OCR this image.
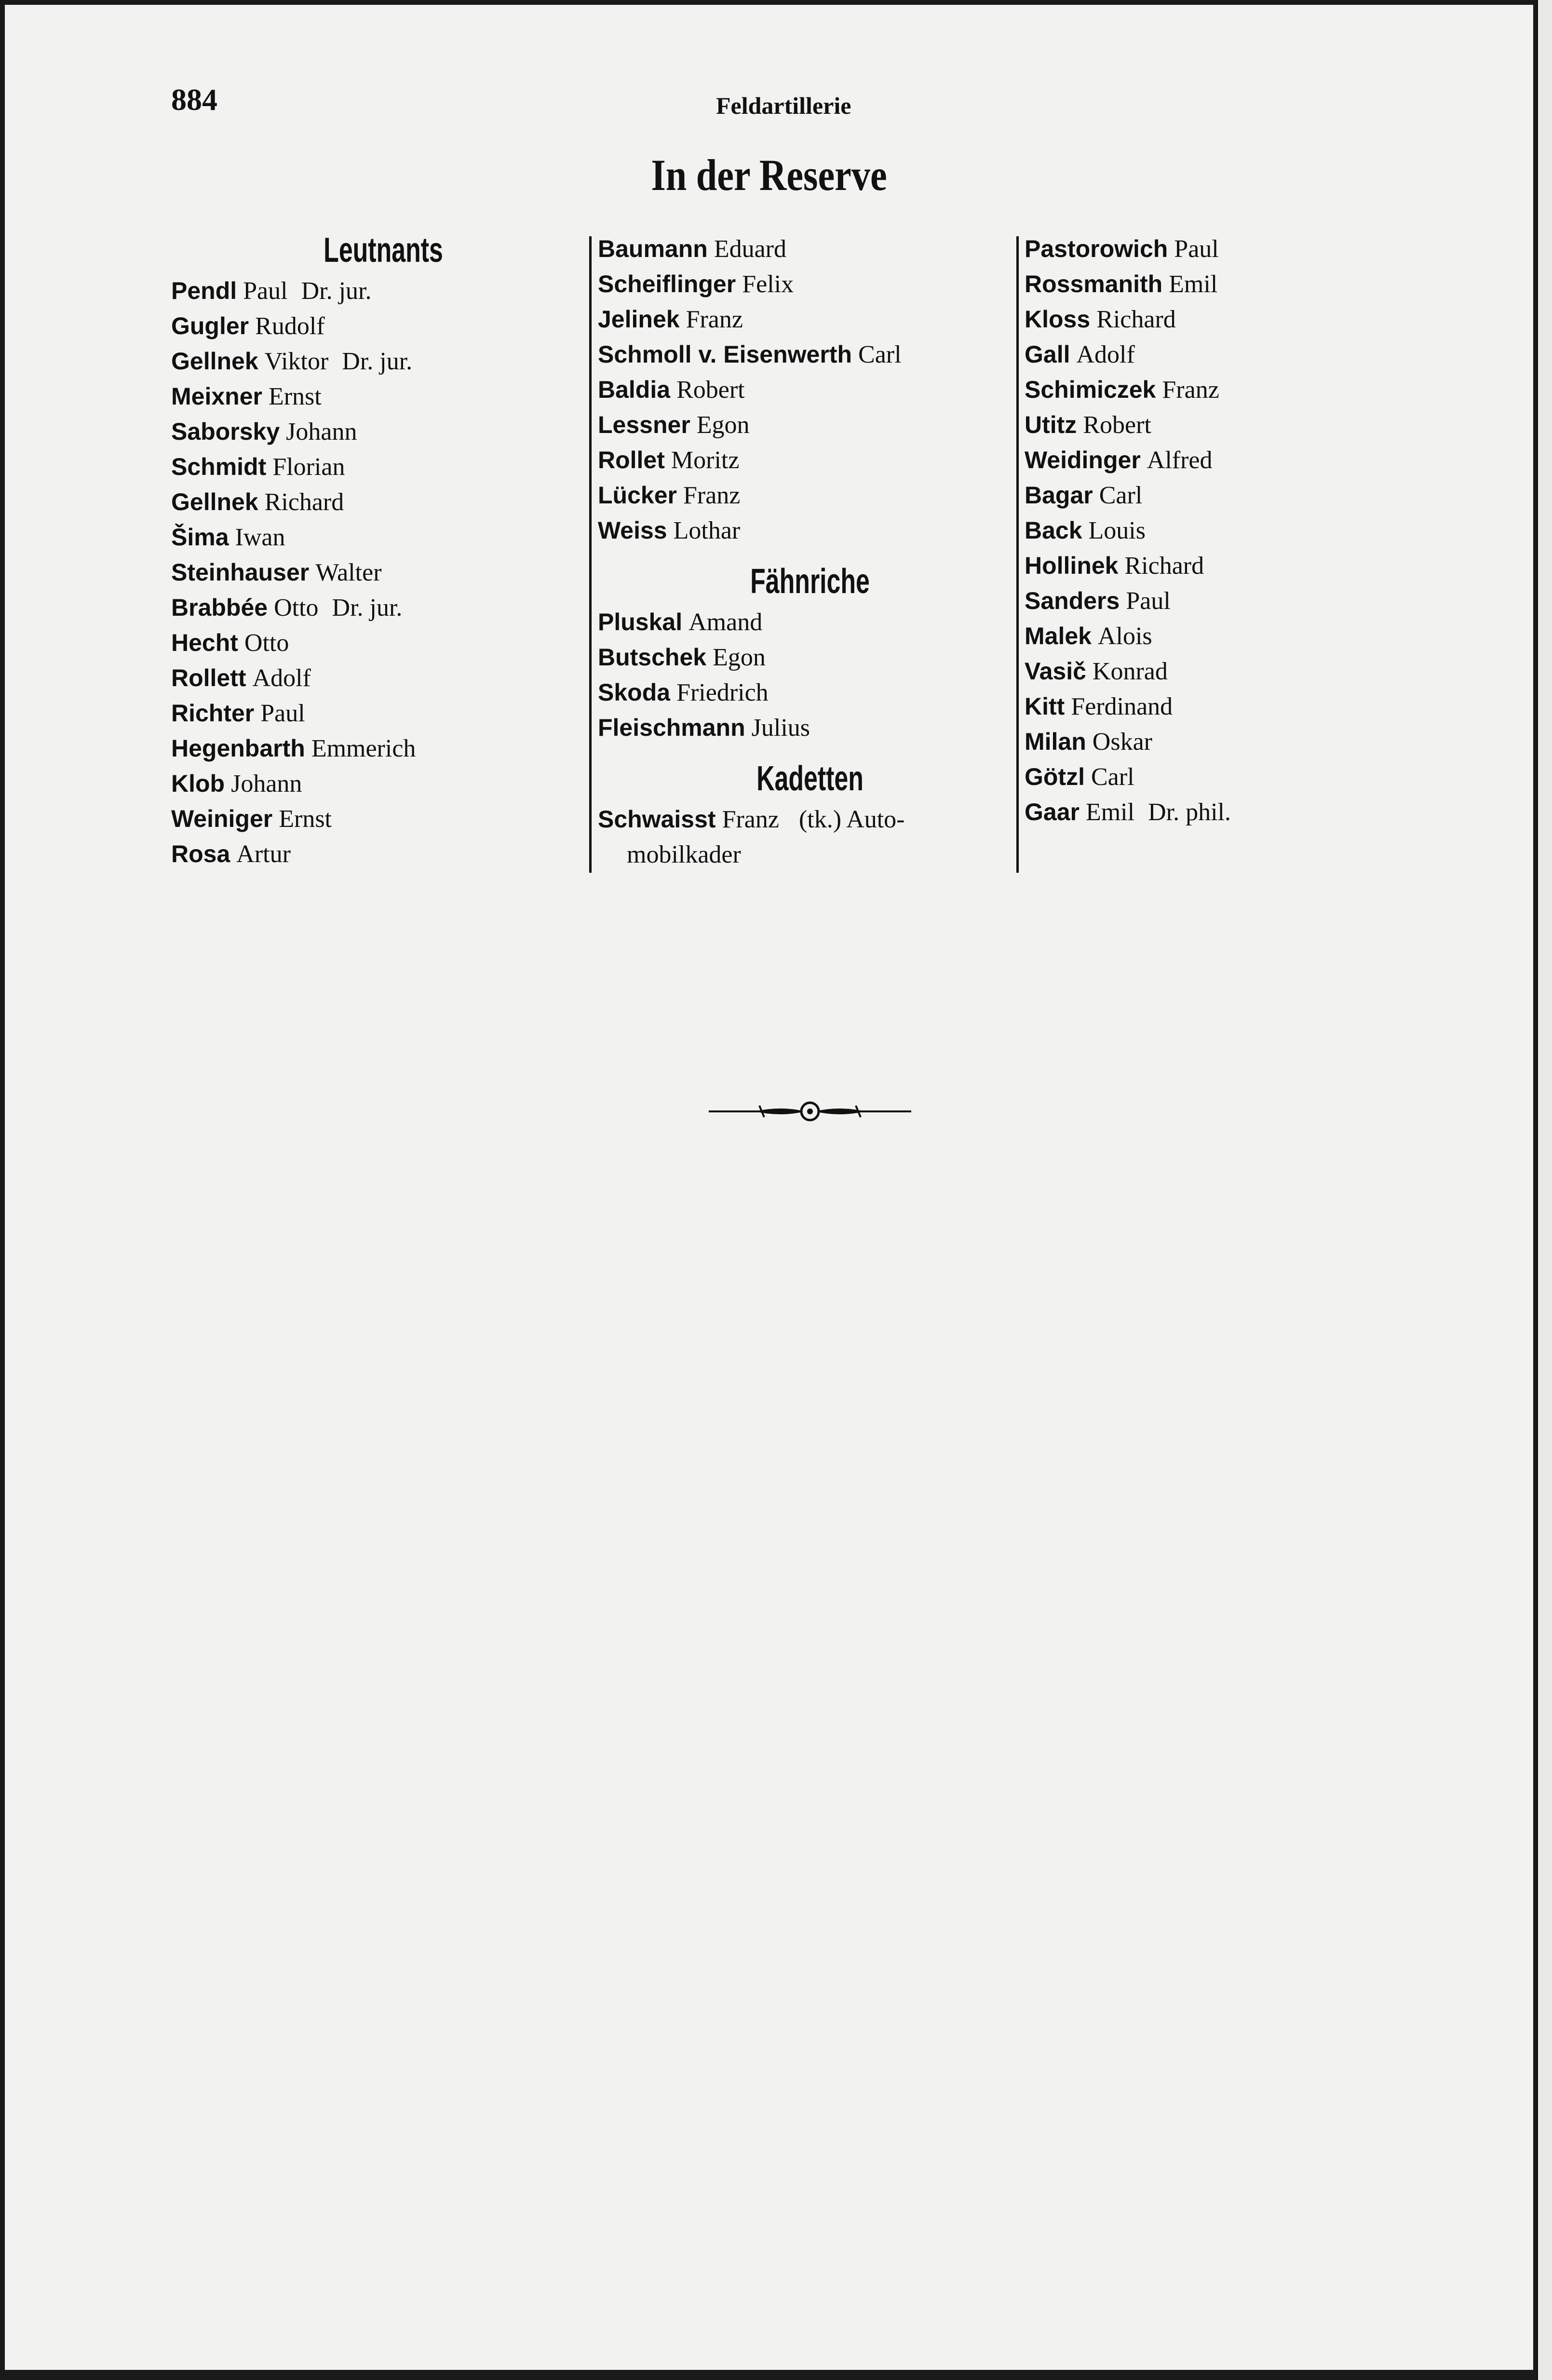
884	Feldartillerie
In der Reserve
Leutnants
Pendl Paul Dr. jur.
Gugler Rudolf
Gellnek Viktor Dr. jur.
Meixner Ernst
Saborsky Johann
Schmidt Florian
Gellnek Richard
Šima Iwan
Steinhauser Walter
Brabbée Otto Dr. jur.
Hecht Otto
Rollett Adolf
Richter Paul
Hegenbarth Emmerich
Klob Johann
Weiniger Ernst
Rosa Artur
Baumann Eduard
Scheiflinger Felix
Jelinek Franz
Schmoll v. Eisenwerth Carl
Baldia Robert
Lessner Egon
Rollet Moritz
Lücker Franz
Weiss Lothar
Fähnriche
Pluskal Amand
Butschek Egon
Skoda Friedrich
Fleischmann Julius
Kadetten
Schwaisst Franz (tk.) Auto-
mobilkader
Pastorowich Paul
Rossmanith Emil
Kloss Richard
Gall Adolf
Schimiczek Franz
Utitz Robert
Weidinger Alfred
Bagar Carl
Back Louis
Hollinek Richard
Sanders Paul
Malek Alois
Vasič Konrad
Kitt Ferdinand
Milan Oskar
Götzl Carl
Gaar Emil Dr. phil.
